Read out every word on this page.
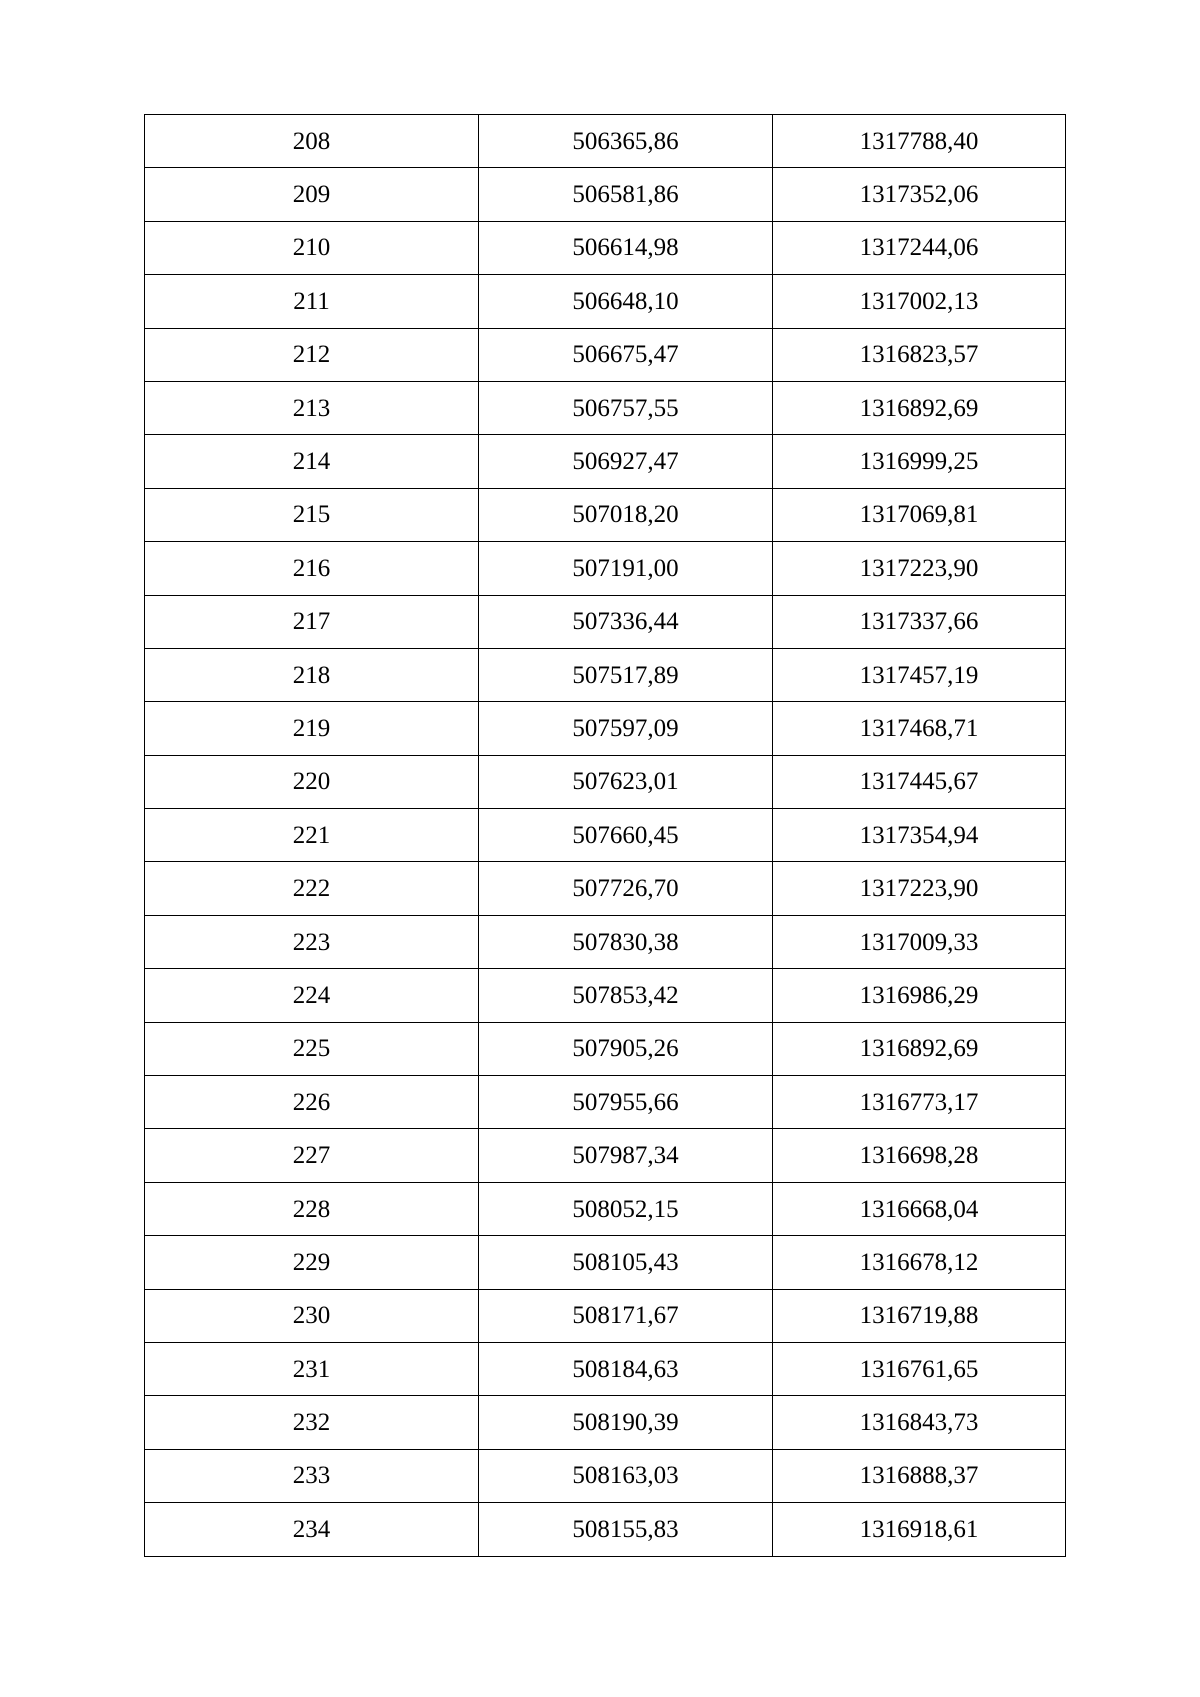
208	506365,86	1317788,40
209	506581,86	1317352,06
210	506614,98	1317244,06
211	506648,10	1317002,13
212	506675,47	1316823,57
213	506757,55	1316892,69
214	506927,47	1316999,25
215	507018,20	1317069,81
216	507191,00	1317223,90
217	507336,44	1317337,66
218	507517,89	1317457,19
219	507597,09	1317468,71
220	507623,01	1317445,67
221	507660,45	1317354,94
222	507726,70	1317223,90
223	507830,38	1317009,33
224	507853,42	1316986,29
225	507905,26	1316892,69
226	507955,66	1316773,17
227	507987,34	1316698,28
228	508052,15	1316668,04
229	508105,43	1316678,12
230	508171,67	1316719,88
231	508184,63	1316761,65
232	508190,39	1316843,73
233	508163,03	1316888,37
234	508155,83	1316918,61
